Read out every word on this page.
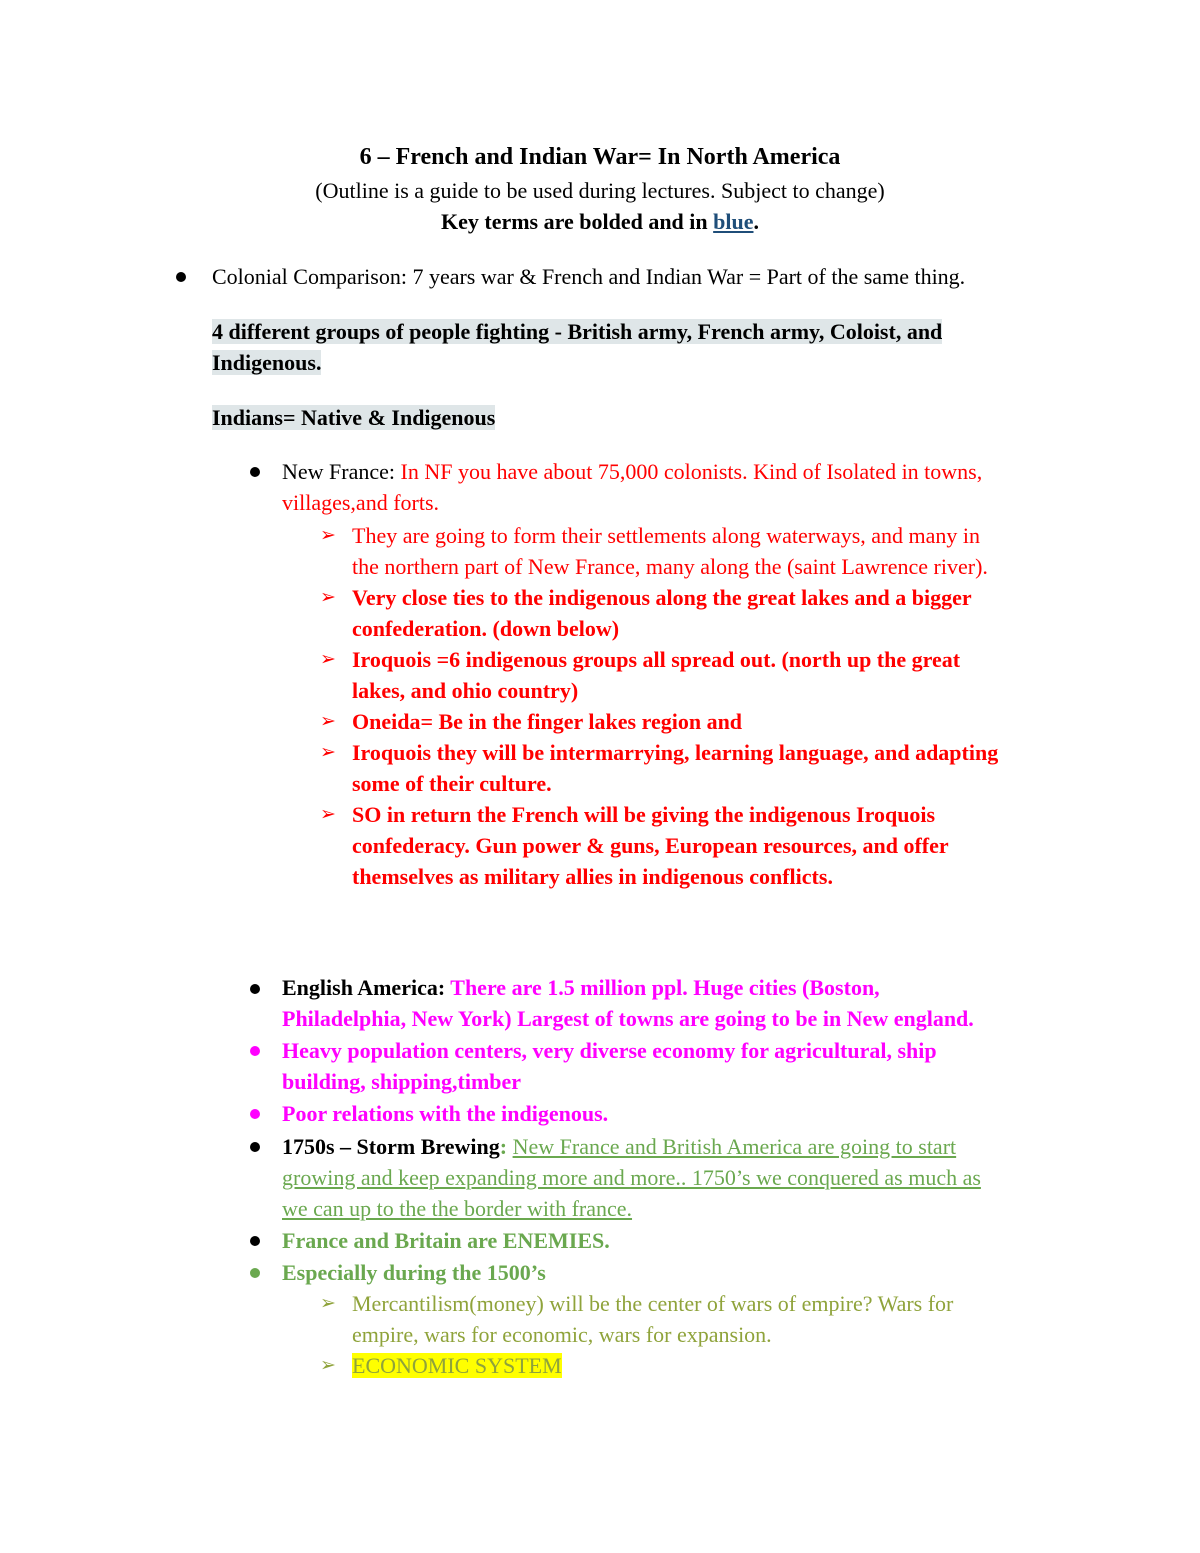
6 – French and Indian War= In North America
(Outline is a guide to be used during lectures. Subject to change)
Key terms are bolded and in blue.
Colonial Comparison: 7 years war & French and Indian War = Part of the same thing.
4 different groups of people fighting - British army, French army, Coloist, and
Indigenous.
Indians= Native & Indigenous
New France: In NF you have about 75,000 colonists. Kind of Isolated in towns,
villages,and forts.
➢ They are going to form their settlements along waterways, and many in
the northern part of New France, many along the (saint Lawrence river).
➢ Very close ties to the indigenous along the great lakes and a bigger
confederation. (down below)
➢ Iroquois =6 indigenous groups all spread out. (north up the great
lakes, and ohio country)
➢ Oneida= Be in the finger lakes region and
➢ Iroquois they will be intermarrying, learning language, and adapting
some of their culture.
➢ SO in return the French will be giving the indigenous Iroquois
confederacy. Gun power & guns, European resources, and offer
themselves as military allies in indigenous conflicts.
English America: There are 1.5 million ppl. Huge cities (Boston,
Philadelphia, New York) Largest of towns are going to be in New england.
Heavy population centers, very diverse economy for agricultural, ship
building, shipping,timber
Poor relations with the indigenous.
1750s – Storm Brewing: New France and British America are going to start
growing and keep expanding more and more.. 1750’s we conquered as much as
we can up to the the border with france.
France and Britain are ENEMIES.
Especially during the 1500’s
➢ Mercantilism(money) will be the center of wars of empire? Wars for
empire, wars for economic, wars for expansion.
➢ ECONOMIC SYSTEM
